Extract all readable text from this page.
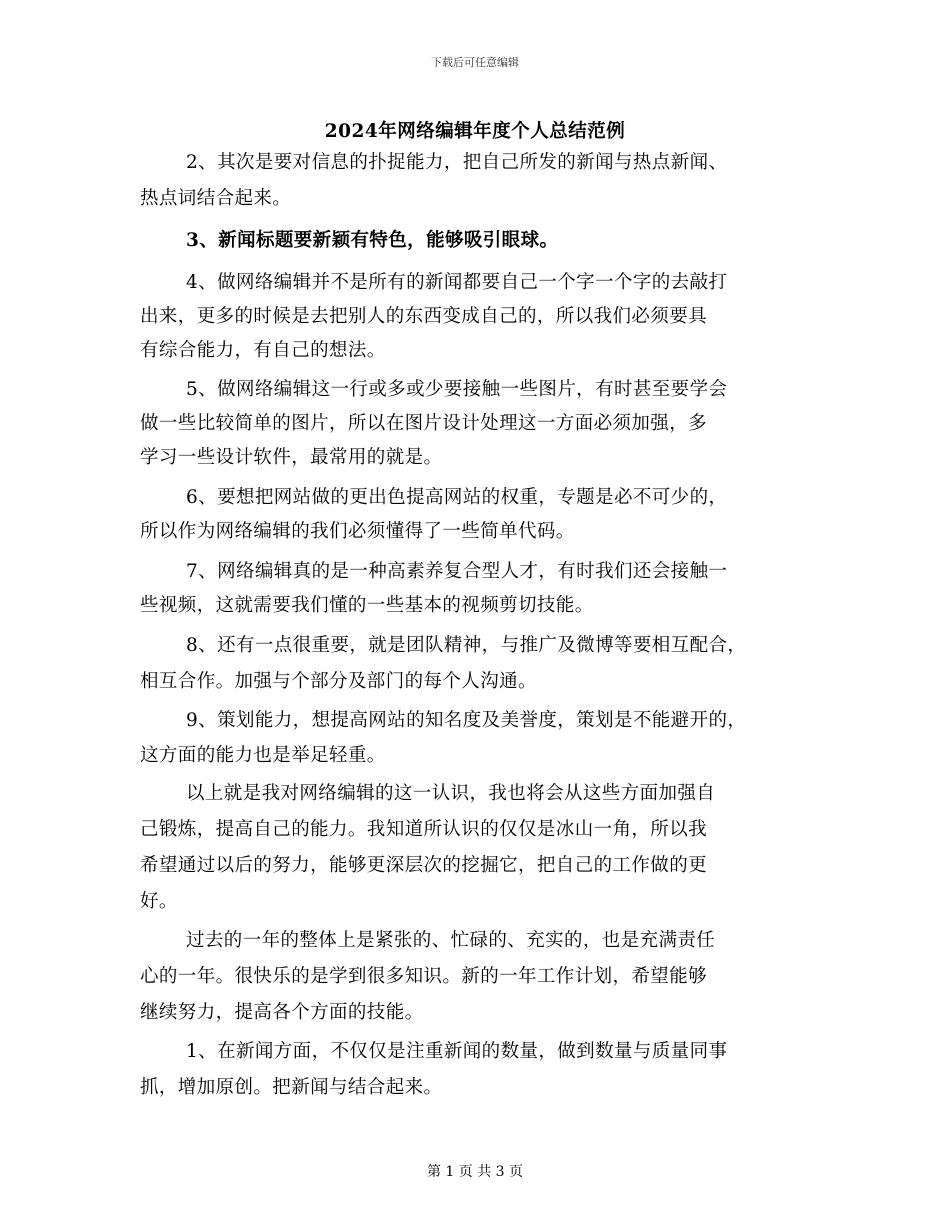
下载后可任意编辑
2024年网络编辑年度个人总结范例
2、其次是要对信息的扑捉能力，把自己所发的新闻与热点新闻、
热点词结合起来。
3、新闻标题要新颖有特色，能够吸引眼球。
4、做网络编辑并不是所有的新闻都要自己一个字一个字的去敲打
出来，更多的时候是去把别人的东西变成自己的，所以我们必须要具
有综合能力，有自己的想法。
5、做网络编辑这一行或多或少要接触一些图片，有时甚至要学会
做一些比较简单的图片，所以在图片设计处理这一方面必须加强，多
学习一些设计软件，最常用的就是。
6、要想把网站做的更出色提高网站的权重，专题是必不可少的，
所以作为网络编辑的我们必须懂得了一些简单代码。
7、网络编辑真的是一种高素养复合型人才，有时我们还会接触一
些视频，这就需要我们懂的一些基本的视频剪切技能。
8、还有一点很重要，就是团队精神，与推广及微博等要相互配合，
相互合作。加强与个部分及部门的每个人沟通。
9、策划能力，想提高网站的知名度及美誉度，策划是不能避开的，
这方面的能力也是举足轻重。
以上就是我对网络编辑的这一认识，我也将会从这些方面加强自
己锻炼，提高自己的能力。我知道所认识的仅仅是冰山一角，所以我
希望通过以后的努力，能够更深层次的挖掘它，把自己的工作做的更
好。
过去的一年的整体上是紧张的、忙碌的、充实的，也是充满责任
心的一年。很快乐的是学到很多知识。新的一年工作计划，希望能够
继续努力，提高各个方面的技能。
1、在新闻方面，不仅仅是注重新闻的数量，做到数量与质量同事
抓，增加原创。把新闻与结合起来。
第 1 页 共 3 页
